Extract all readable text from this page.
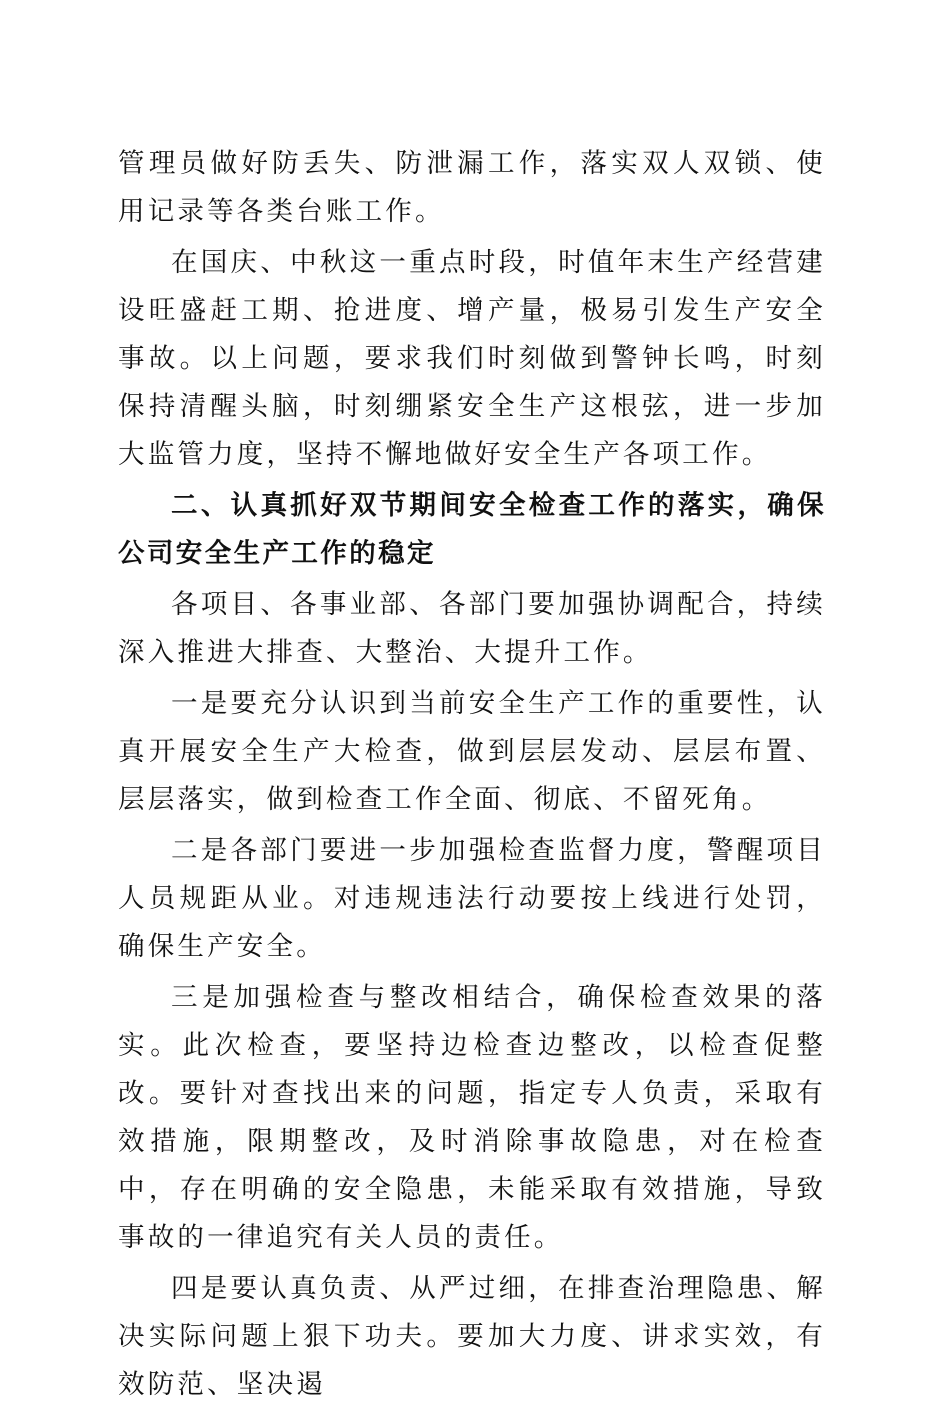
管理员做好防丢失、防泄漏工作，落实双人双锁、使用记录等各类台账工作。

在国庆、中秋这一重点时段，时值年末生产经营建设旺盛赶工期、抢进度、增产量，极易引发生产安全事故。以上问题，要求我们时刻做到警钟长鸣，时刻保持清醒头脑，时刻绷紧安全生产这根弦，进一步加大监管力度，坚持不懈地做好安全生产各项工作。

二、认真抓好双节期间安全检查工作的落实，确保公司安全生产工作的稳定

各项目、各事业部、各部门要加强协调配合，持续深入推进大排查、大整治、大提升工作。

一是要充分认识到当前安全生产工作的重要性，认真开展安全生产大检查，做到层层发动、层层布置、层层落实，做到检查工作全面、彻底、不留死角。

二是各部门要进一步加强检查监督力度，警醒项目人员规距从业。对违规违法行动要按上线进行处罚，确保生产安全。

三是加强检查与整改相结合，确保检查效果的落实。此次检查，要坚持边检查边整改，以检查促整改。要针对查找出来的问题，指定专人负责，采取有效措施，限期整改，及时消除事故隐患，对在检查中，存在明确的安全隐患，未能采取有效措施，导致事故的一律追究有关人员的责任。

四是要认真负责、从严过细，在排查治理隐患、解决实际问题上狠下功夫。要加大力度、讲求实效，有效防范、坚决遏
